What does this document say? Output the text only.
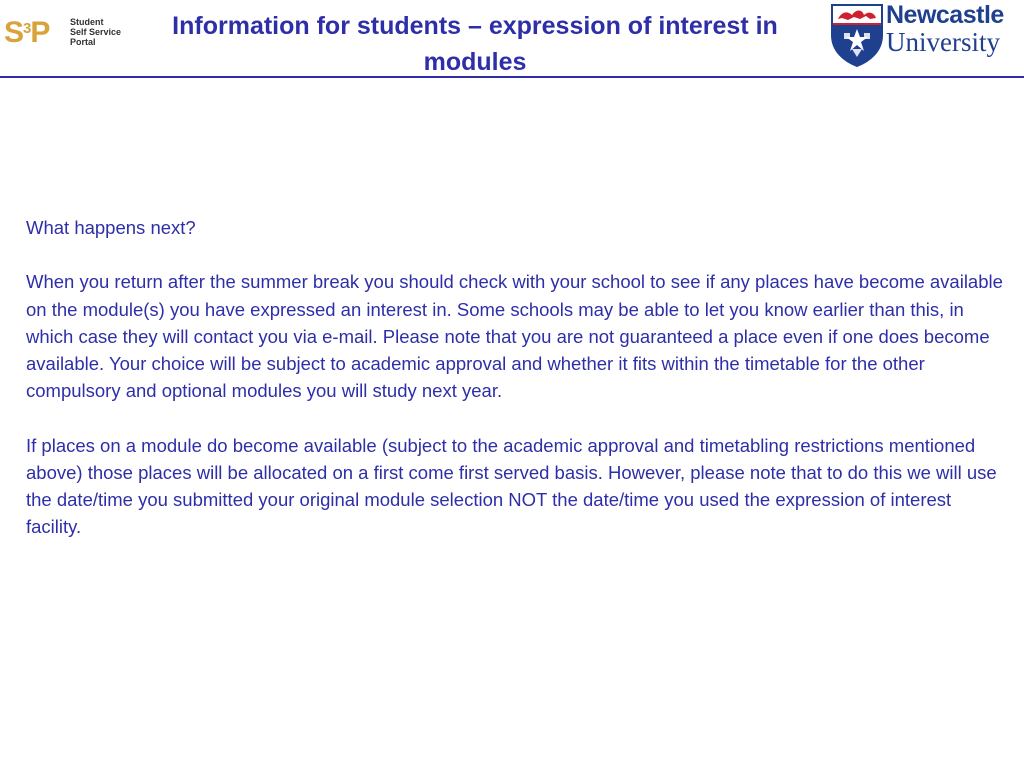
$S^3P$ Student
Self Service
Portal
Information for students – expression of interest in modules
Newcastle
University

What happens next?

When you return after the summer break you should check with your school to see if any places have become available on the module(s) you have expressed an interest in. Some schools may be able to let you know earlier than this, in which case they will contact you via e-mail. Please note that you are not guaranteed a place even if one does become available. Your choice will be subject to academic approval and whether it fits within the timetable for the other compulsory and optional modules you will study next year.

If places on a module do become available (subject to the academic approval and timetabling restrictions mentioned above) those places will be allocated on a first come first served basis. However, please note that to do this we will use the date/time you submitted your original module selection NOT the date/time you used the expression of interest facility.
